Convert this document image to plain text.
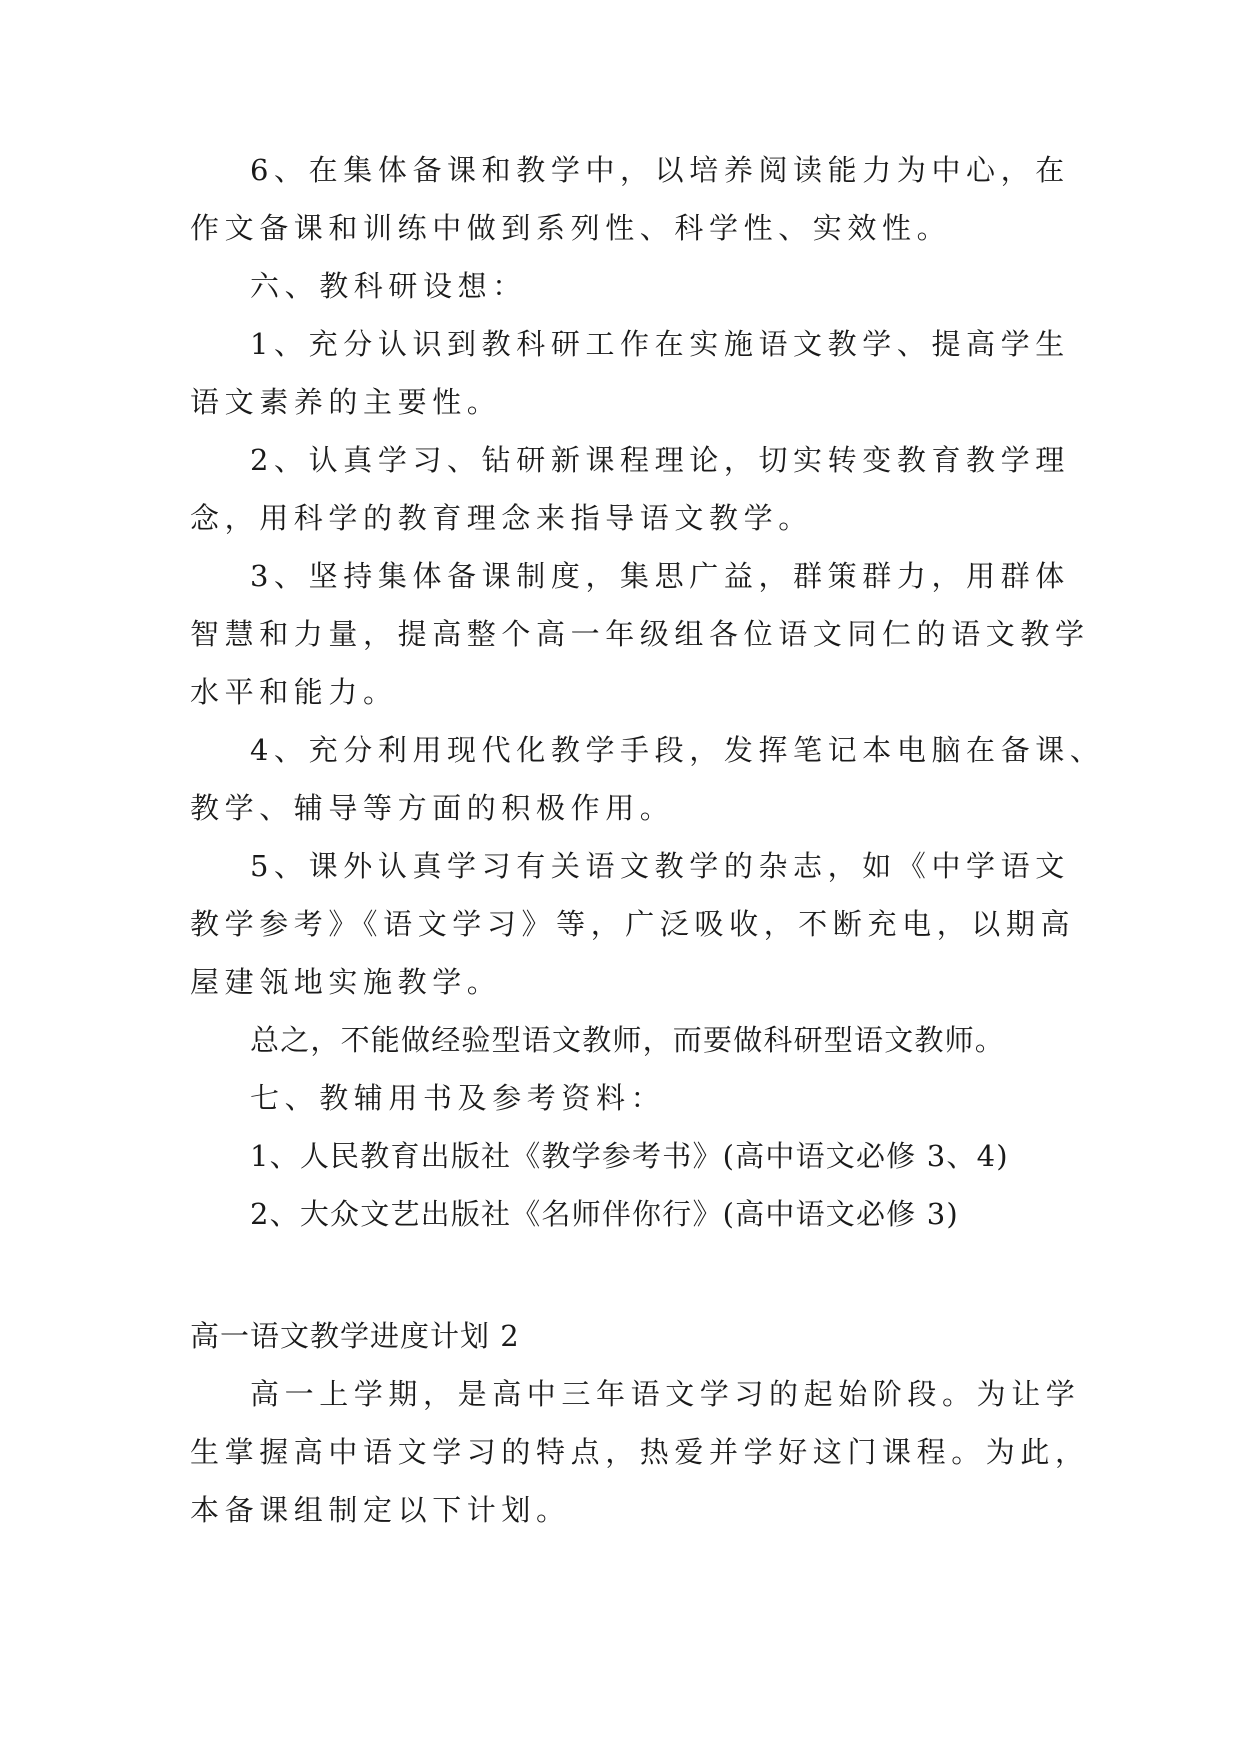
6、在集体备课和教学中，以培养阅读能力为中心，在
作文备课和训练中做到系列性、科学性、实效性。
六、教科研设想：
1、充分认识到教科研工作在实施语文教学、提高学生
语文素养的主要性。
2、认真学习、钻研新课程理论，切实转变教育教学理
念，用科学的教育理念来指导语文教学。
3、坚持集体备课制度，集思广益，群策群力，用群体
智慧和力量，提高整个高一年级组各位语文同仁的语文教学
水平和能力。
4、充分利用现代化教学手段，发挥笔记本电脑在备课、
教学、辅导等方面的积极作用。
5、课外认真学习有关语文教学的杂志，如《中学语文
教学参考》《语文学习》等，广泛吸收，不断充电，以期高
屋建瓴地实施教学。
总之，不能做经验型语文教师，而要做科研型语文教师。
七、教辅用书及参考资料：
1、人民教育出版社《教学参考书》(高中语文必修 3、4)
2、大众文艺出版社《名师伴你行》(高中语文必修 3)
高一语文教学进度计划 2
高一上学期，是高中三年语文学习的起始阶段。为让学
生掌握高中语文学习的特点，热爱并学好这门课程。为此，
本备课组制定以下计划。
